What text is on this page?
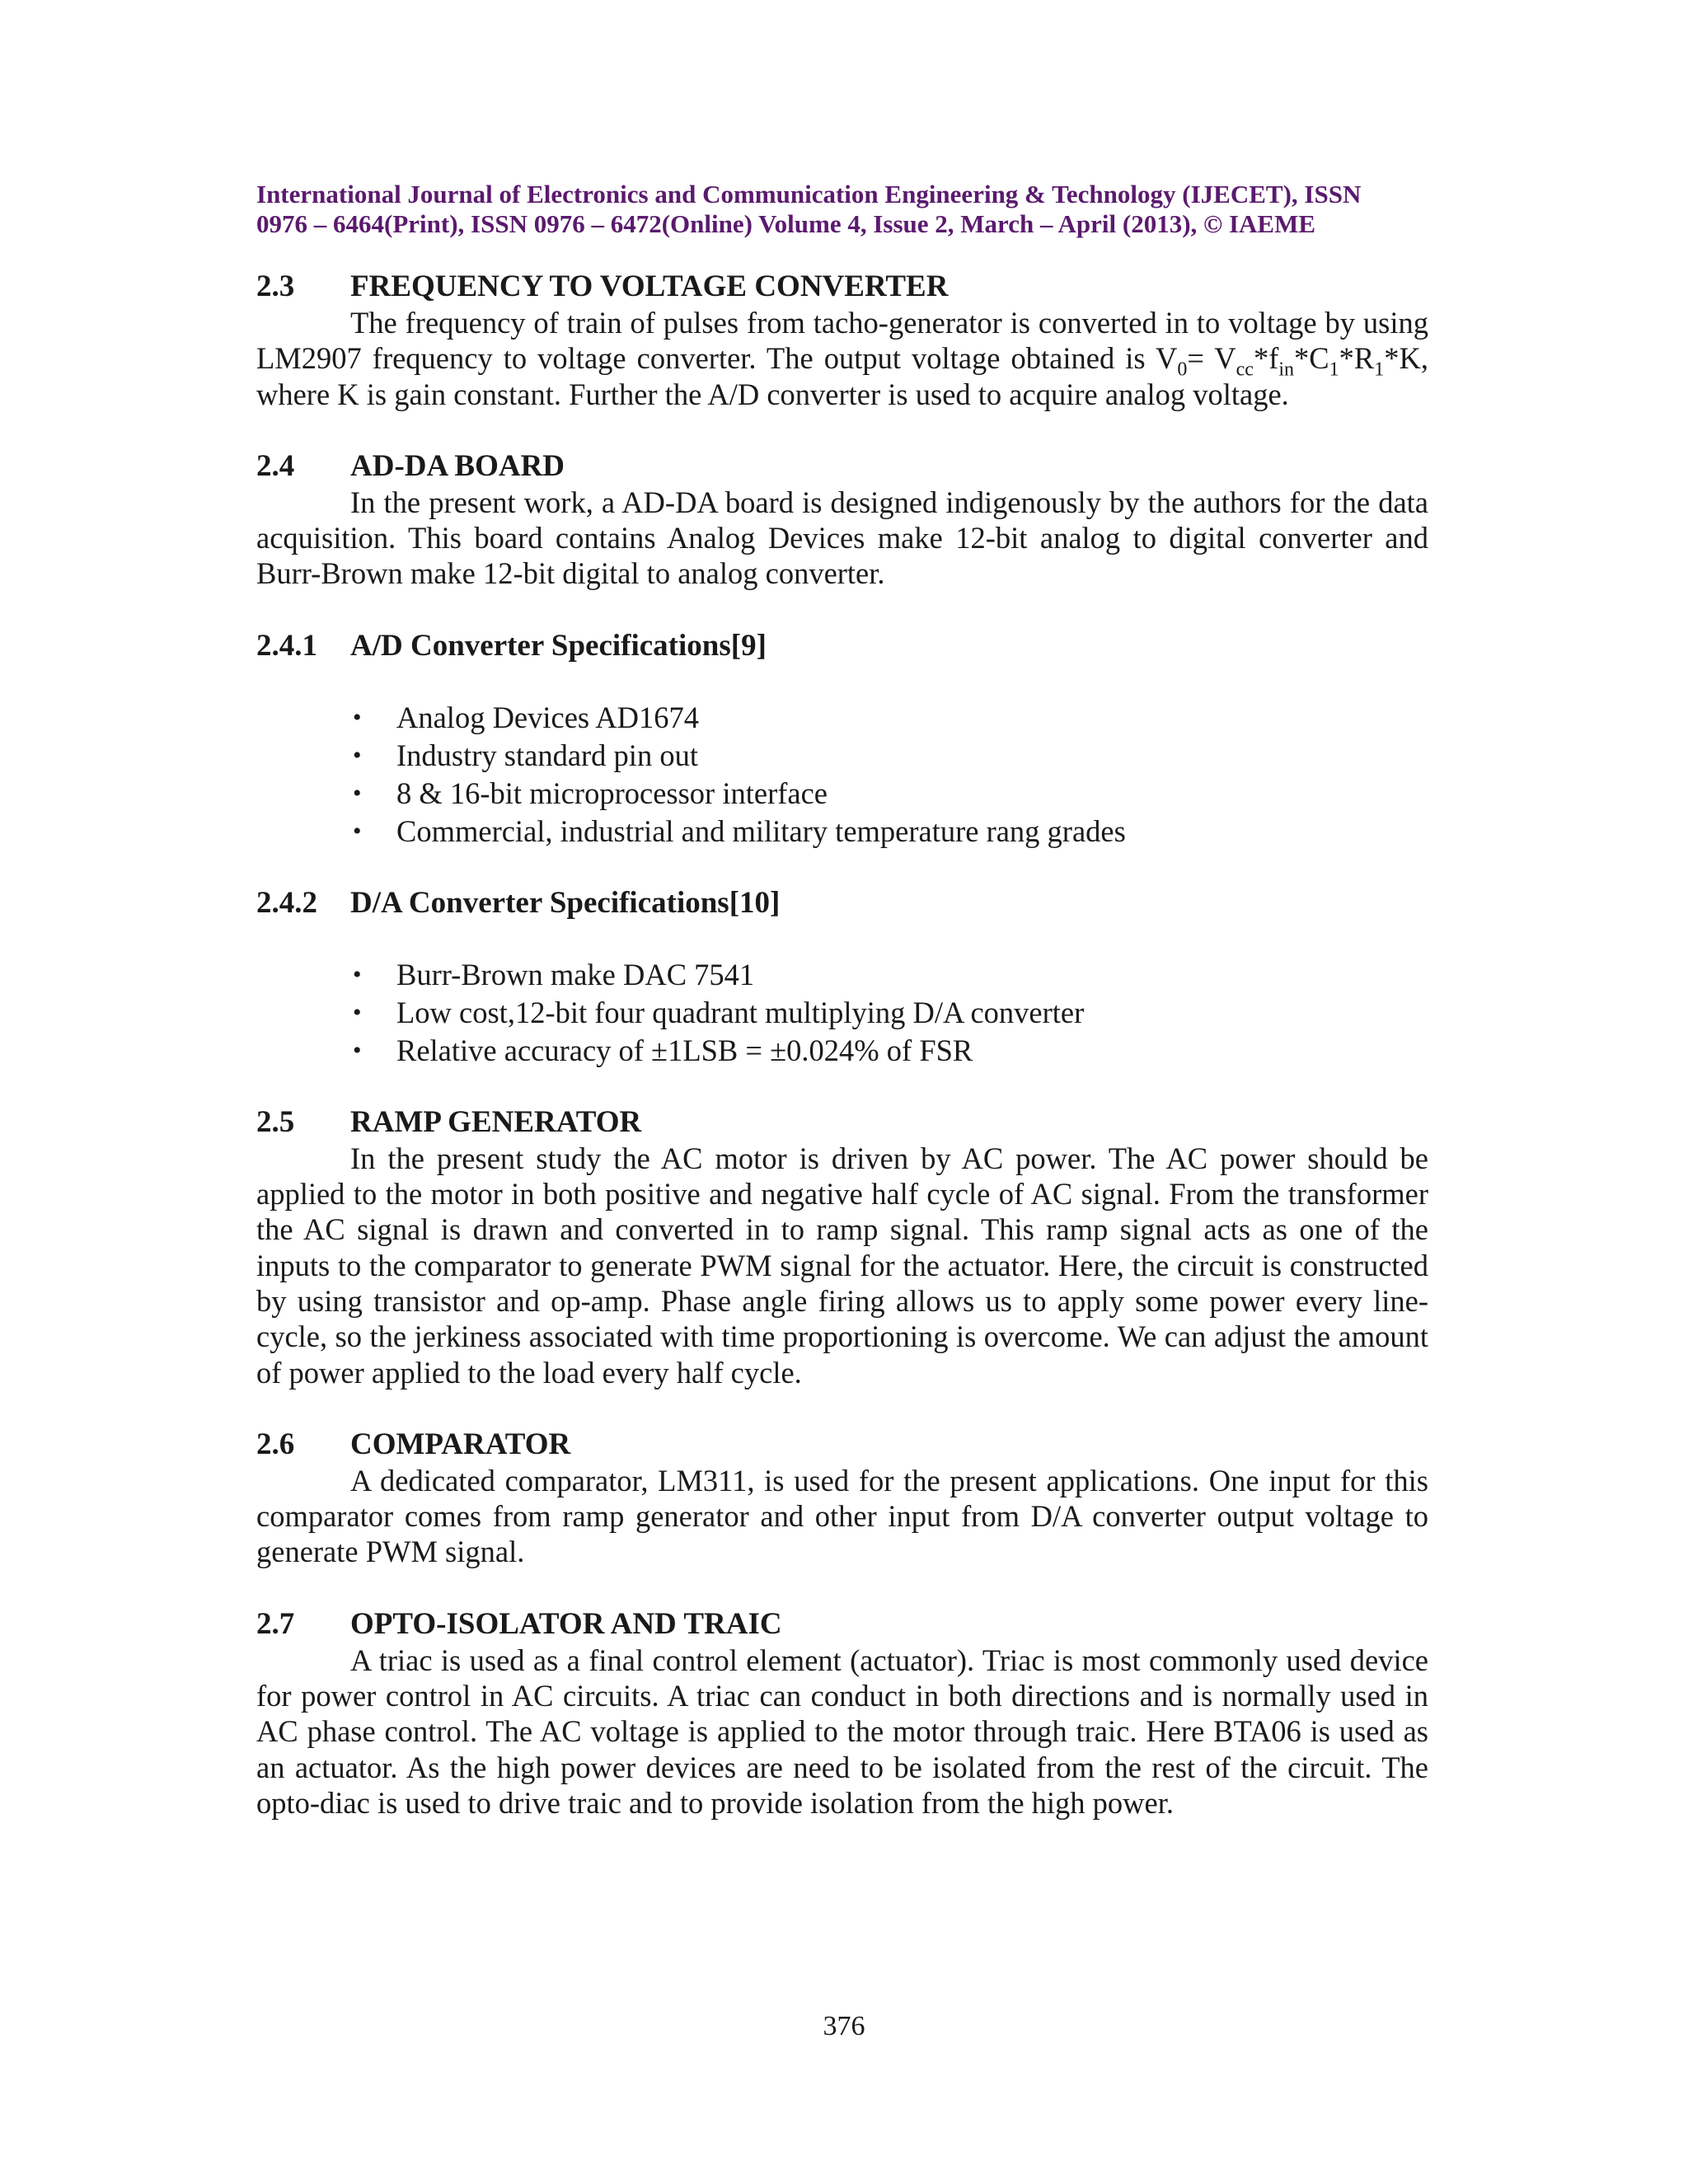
International Journal of Electronics and Communication Engineering & Technology (IJECET), ISSN
0976 – 6464(Print), ISSN 0976 – 6472(Online) Volume 4, Issue 2, March – April (2013), © IAEME
2.3	FREQUENCY TO VOLTAGE CONVERTER

The frequency of train of pulses from tacho-generator is converted in to voltage by using LM2907 frequency to voltage converter. The output voltage obtained is $V_0= V_{cc}*f_{in}*C_1*R_1*K$, where K is gain constant. Further the A/D converter is used to acquire analog voltage.

2.4	AD-DA BOARD

In the present work, a AD-DA board is designed indigenously by the authors for the data acquisition. This board contains Analog Devices make 12-bit analog to digital converter and Burr-Brown make 12-bit digital to analog converter.

2.4.1	A/D Converter Specifications[9]
• Analog Devices AD1674
• Industry standard pin out
• 8 & 16-bit microprocessor interface
• Commercial, industrial and military temperature rang grades
2.4.2	D/A Converter Specifications[10]
• Burr-Brown make DAC 7541
• Low cost,12-bit four quadrant multiplying D/A converter
• Relative accuracy of ±1LSB = ±0.024% of FSR
2.5	RAMP GENERATOR

In the present study the AC motor is driven by AC power. The AC power should be applied to the motor in both positive and negative half cycle of AC signal. From the transformer the AC signal is drawn and converted in to ramp signal. This ramp signal acts as one of the inputs to the comparator to generate PWM signal for the actuator. Here, the circuit is constructed by using transistor and op-amp. Phase angle firing allows us to apply some power every line-cycle, so the jerkiness associated with time proportioning is overcome. We can adjust the amount of power applied to the load every half cycle.

2.6	COMPARATOR

A dedicated comparator, LM311, is used for the present applications. One input for this comparator comes from ramp generator and other input from D/A converter output voltage to generate PWM signal.

2.7	OPTO-ISOLATOR AND TRAIC

A triac is used as a final control element (actuator). Triac is most commonly used device for power control in AC circuits. A triac can conduct in both directions and is normally used in AC phase control. The AC voltage is applied to the motor through traic. Here BTA06 is used as an actuator. As the high power devices are need to be isolated from the rest of the circuit. The opto-diac is used to drive traic and to provide isolation from the high power.

376
